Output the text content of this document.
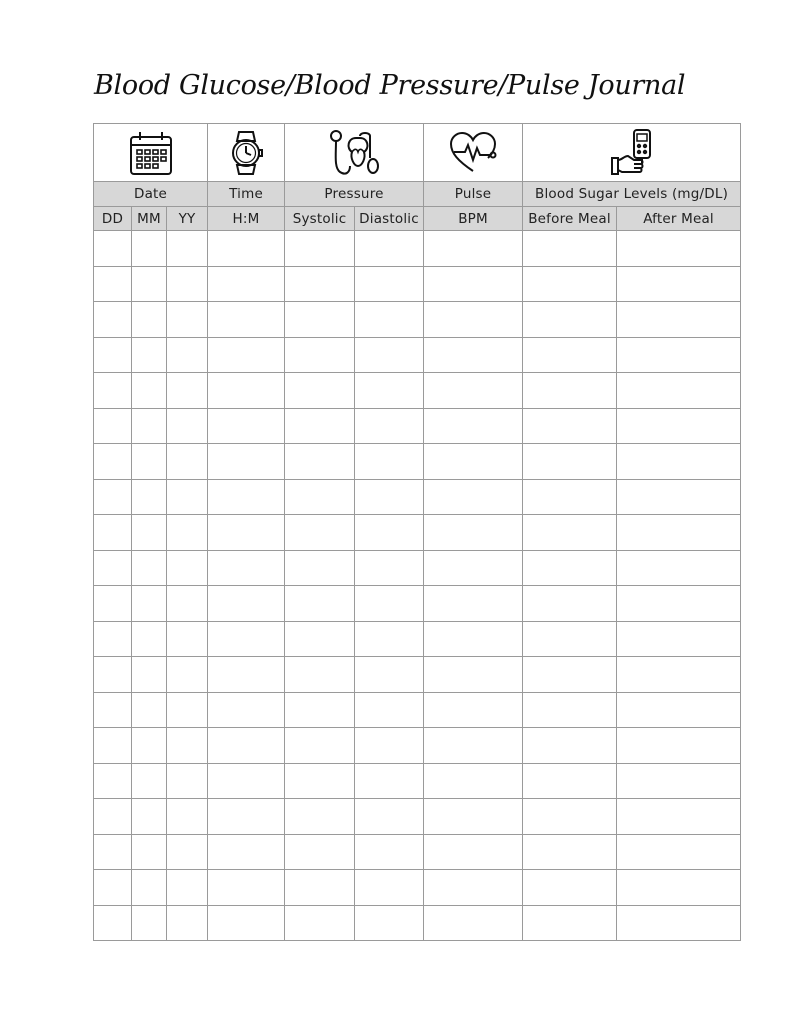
Blood Glucose/Blood Pressure/Pulse Journal

Date			Time	Pressure		Pulse	Blood Sugar Levels (mg/DL)	
DD	MM	YY	H:M	Systolic	Diastolic	BPM	Before Meal	After Meal
